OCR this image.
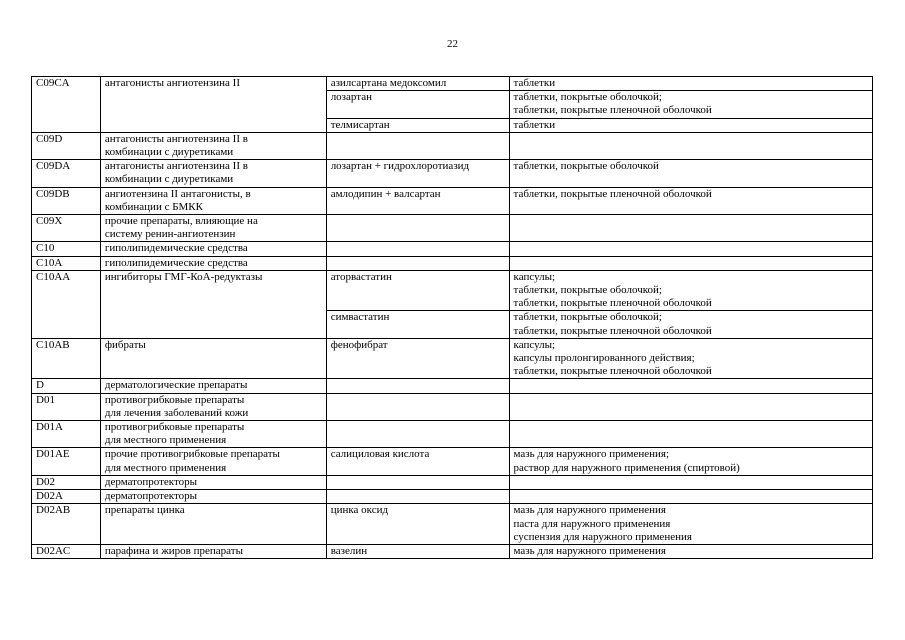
22
C09CA	антагонисты ангиотензина II	азилсартана медоксомил	таблетки

		лозартан	таблетки, покрытые оболочкой;
таблетки, покрытые пленочной оболочкой

		телмисартан	таблетки

C09D	антагонисты ангиотензина II в
комбинации с диуретиками		

C09DA	антагонисты ангиотензина II в
комбинации с диуретиками	лозартан + гидрохлоротиазид	таблетки, покрытые оболочкой

C09DB	ангиотензина II антагонисты, в
комбинации с БМКК	амлодипин + валсартан	таблетки, покрытые пленочной оболочкой

C09X	прочие препараты, влияющие на
систему ренин-ангиотензин		

C10	гиполипидемические средства		

C10A	гиполипидемические средства		

C10AA	ингибиторы ГМГ-КоА-редуктазы	аторвастатин	капсулы;
таблетки, покрытые оболочкой;
таблетки, покрытые пленочной оболочкой

		симвастатин	таблетки, покрытые оболочкой;
таблетки, покрытые пленочной оболочкой

C10AB	фибраты	фенофибрат	капсулы;
капсулы пролонгированного действия;
таблетки, покрытые пленочной оболочкой

D	дерматологические препараты		

D01	противогрибковые препараты
для лечения заболеваний кожи		

D01A	противогрибковые препараты
для местного применения		

D01AE	прочие противогрибковые препараты
для местного применения	салициловая кислота	мазь для наружного применения;
раствор для наружного применения (спиртовой)

D02	дерматопротекторы		

D02A	дерматопротекторы		

D02AB	препараты цинка	цинка оксид	мазь для наружного применения
паста для наружного применения
суспензия для наружного применения

D02AC	парафина и жиров препараты	вазелин	мазь для наружного применения
